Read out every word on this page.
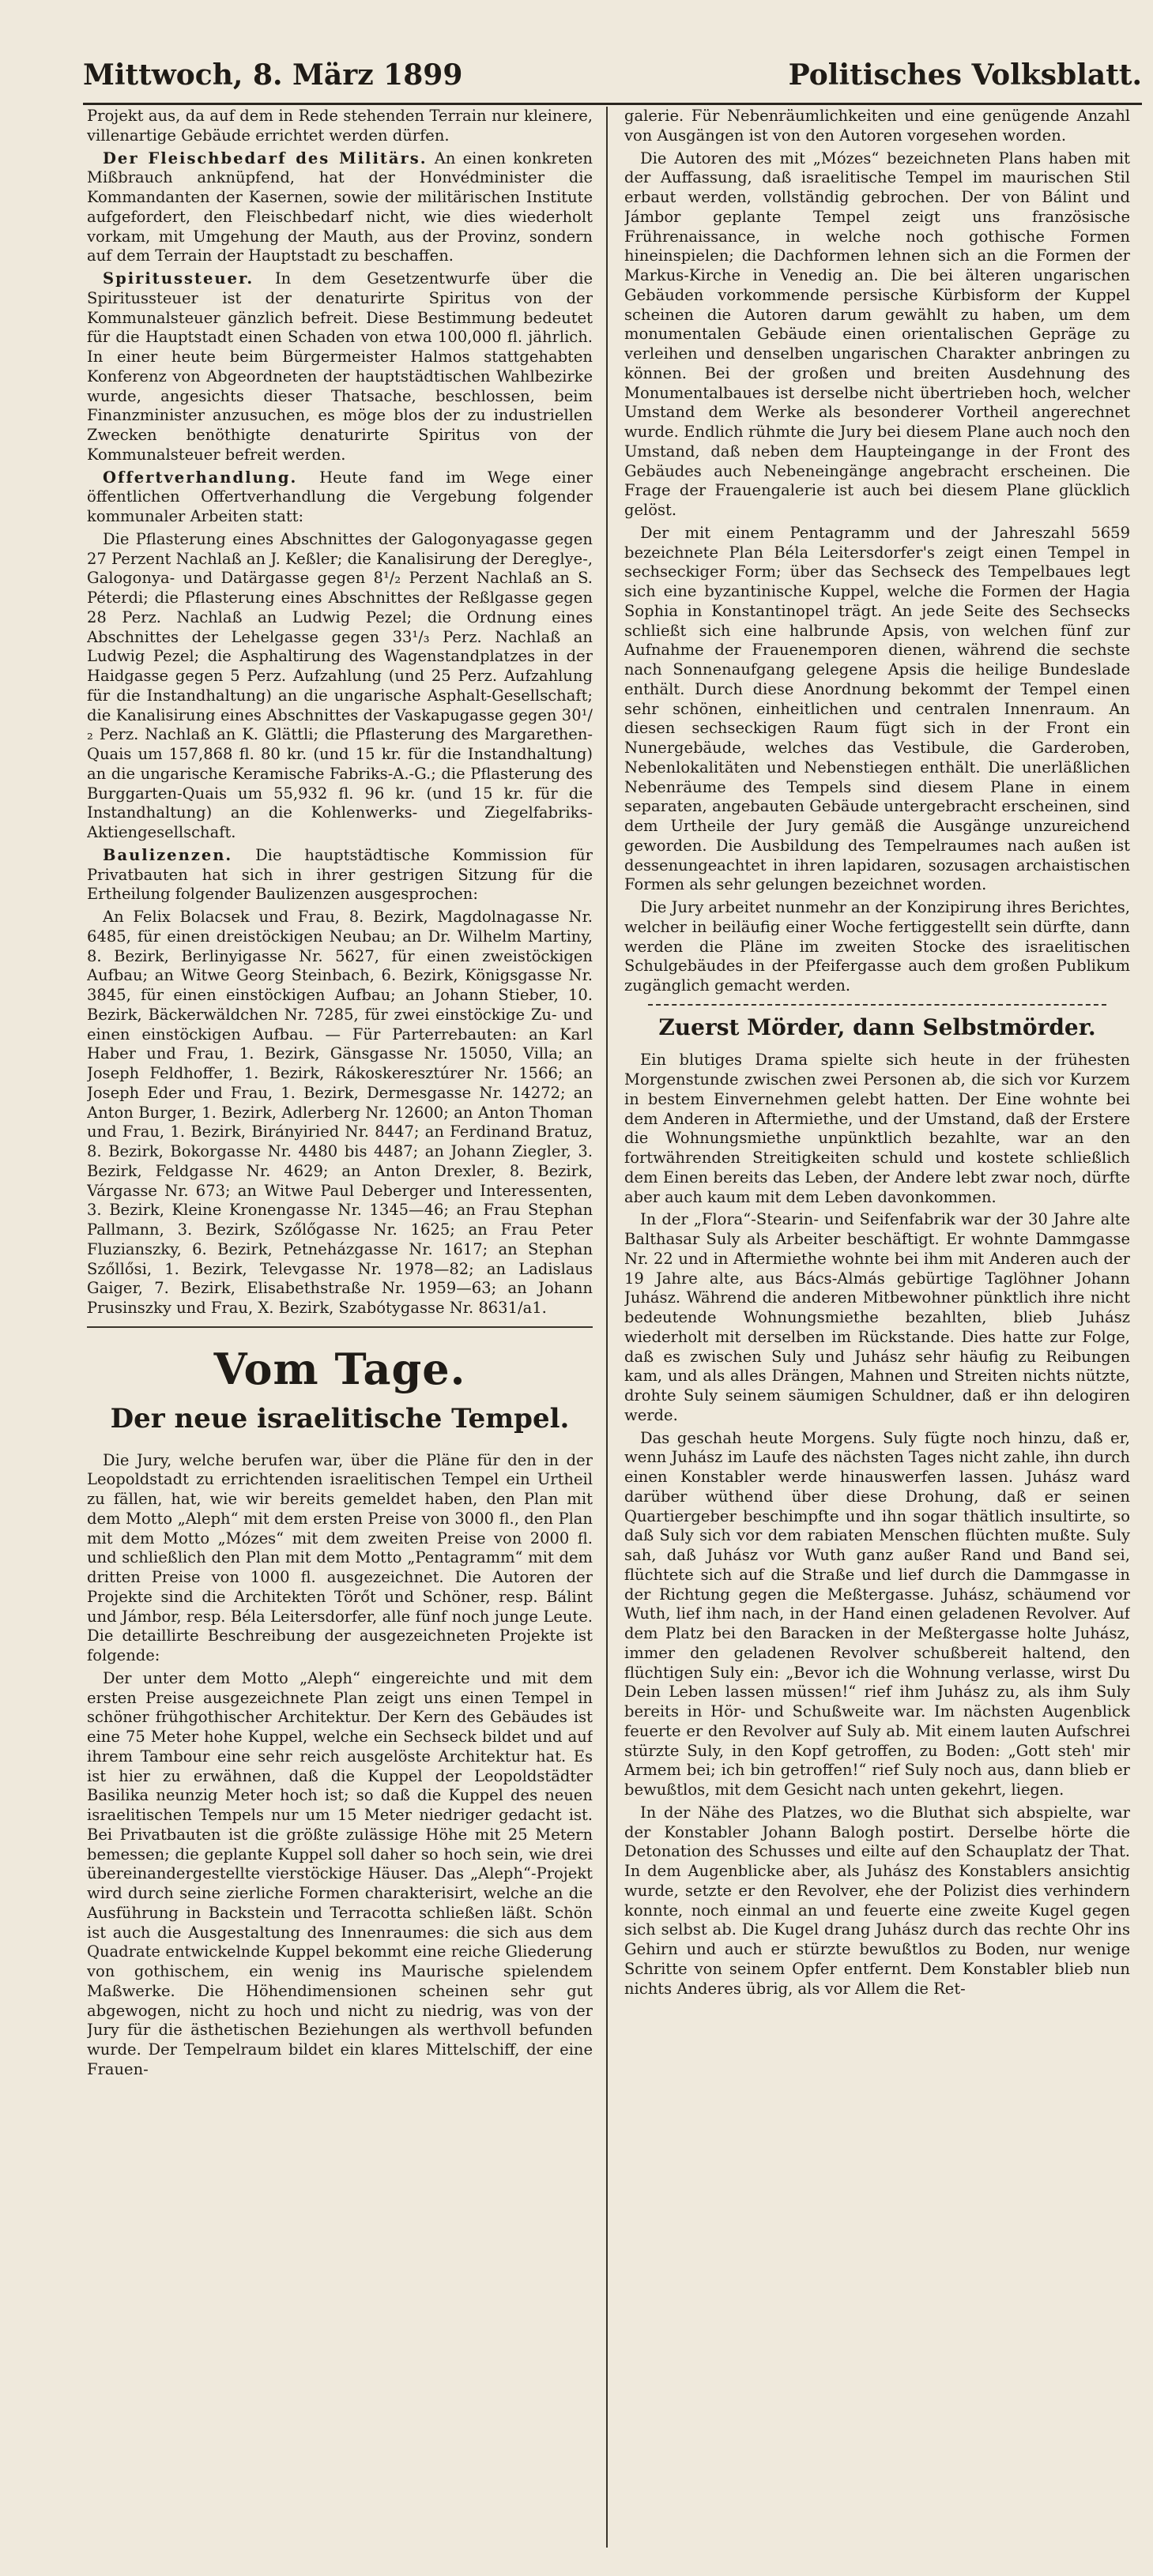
Mittwoch, 8. März 1899	Politisches Volksblatt.

Projekt aus, da auf dem in Rede stehenden Terrain nur kleinere, villenartige Gebäude errichtet werden dürfen.

Der Fleischbedarf des Militärs. An einen konkreten Mißbrauch anknüpfend, hat der Honvédminister die Kommandanten der Kasernen, sowie der militärischen Institute aufgefordert, den Fleischbedarf nicht, wie dies wiederholt vorkam, mit Umgehung der Mauth, aus der Provinz, sondern auf dem Terrain der Hauptstadt zu beschaffen.

Spiritussteuer. In dem Gesetzentwurfe über die Spiritussteuer ist der denaturirte Spiritus von der Kommunalsteuer gänzlich befreit. Diese Bestimmung bedeutet für die Hauptstadt einen Schaden von etwa 100,000 fl. jährlich. In einer heute beim Bürgermeister Halmos stattgehabten Konferenz von Abgeordneten der hauptstädtischen Wahlbezirke wurde, angesichts dieser Thatsache, beschlossen, beim Finanzminister anzusuchen, es möge blos der zu industriellen Zwecken benöthigte denaturirte Spiritus von der Kommunalsteuer befreit werden.

Offertverhandlung. Heute fand im Wege einer öffentlichen Offertverhandlung die Vergebung folgender kommunaler Arbeiten statt:

Die Pflasterung eines Abschnittes der Galogonyagasse gegen 27 Perzent Nachlaß an J. Keßler; die Kanalisirung der Dereglye-, Galogonya- und Datärgasse gegen 8¹/₂ Perzent Nachlaß an S. Péterdi; die Pflasterung eines Abschnittes der Reßlgasse gegen 28 Perz. Nachlaß an Ludwig Pezel; die Ordnung eines Abschnittes der Lehelgasse gegen 33¹/₃ Perz. Nachlaß an Ludwig Pezel; die Asphaltirung des Wagenstandplatzes in der Haidgasse gegen 5 Perz. Aufzahlung (und 25 Perz. Aufzahlung für die Instandhaltung) an die ungarische Asphalt-Gesellschaft; die Kanalisirung eines Abschnittes der Vaskapugasse gegen 30¹/₂ Perz. Nachlaß an K. Glättli; die Pflasterung des Margarethen-Quais um 157,868 fl. 80 kr. (und 15 kr. für die Instandhaltung) an die ungarische Keramische Fabriks-A.-G.; die Pflasterung des Burggarten-Quais um 55,932 fl. 96 kr. (und 15 kr. für die Instandhaltung) an die Kohlenwerks- und Ziegelfabriks-Aktiengesellschaft.

Baulizenzen. Die hauptstädtische Kommission für Privatbauten hat sich in ihrer gestrigen Sitzung für die Ertheilung folgender Baulizenzen ausgesprochen:

An Felix Bolacsek und Frau, 8. Bezirk, Magdolnagasse Nr. 6485, für einen dreistöckigen Neubau; an Dr. Wilhelm Martiny, 8. Bezirk, Berlinyigasse Nr. 5627, für einen zweistöckigen Aufbau; an Witwe Georg Steinbach, 6. Bezirk, Königsgasse Nr. 3845, für einen einstöckigen Aufbau; an Johann Stieber, 10. Bezirk, Bäckerwäldchen Nr. 7285, für zwei einstöckige Zu- und einen einstöckigen Aufbau. — Für Parterrebauten: an Karl Haber und Frau, 1. Bezirk, Gänsgasse Nr. 15050, Villa; an Joseph Feldhoffer, 1. Bezirk, Rákoskeresztúrer Nr. 1566; an Joseph Eder und Frau, 1. Bezirk, Dermesgasse Nr. 14272; an Anton Burger, 1. Bezirk, Adlerberg Nr. 12600; an Anton Thoman und Frau, 1. Bezirk, Birányiried Nr. 8447; an Ferdinand Bratuz, 8. Bezirk, Bokorgasse Nr. 4480 bis 4487; an Johann Ziegler, 3. Bezirk, Feldgasse Nr. 4629; an Anton Drexler, 8. Bezirk, Várgasse Nr. 673; an Witwe Paul Deberger und Interessenten, 3. Bezirk, Kleine Kronengasse Nr. 1345—46; an Frau Stephan Pallmann, 3. Bezirk, Szőlőgasse Nr. 1625; an Frau Peter Fluzianszky, 6. Bezirk, Petneházgasse Nr. 1617; an Stephan Szőllősi, 1. Bezirk, Televgasse Nr. 1978—82; an Ladislaus Gaiger, 7. Bezirk, Elisabethstraße Nr. 1959—63; an Johann Prusinszky und Frau, X. Bezirk, Szabótygasse Nr. 8631/a1.

Vom Tage.
Der neue israelitische Tempel.

Die Jury, welche berufen war, über die Pläne für den in der Leopoldstadt zu errichtenden israelitischen Tempel ein Urtheil zu fällen, hat, wie wir bereits gemeldet haben, den Plan mit dem Motto „Aleph“ mit dem ersten Preise von 3000 fl., den Plan mit dem Motto „Mózes“ mit dem zweiten Preise von 2000 fl. und schließlich den Plan mit dem Motto „Pentagramm“ mit dem dritten Preise von 1000 fl. ausgezeichnet. Die Autoren der Projekte sind die Architekten Törőt und Schöner, resp. Bálint und Jámbor, resp. Béla Leitersdorfer, alle fünf noch junge Leute. Die detaillirte Beschreibung der ausgezeichneten Projekte ist folgende:

Der unter dem Motto „Aleph“ eingereichte und mit dem ersten Preise ausgezeichnete Plan zeigt uns einen Tempel in schöner frühgothischer Architektur. Der Kern des Gebäudes ist eine 75 Meter hohe Kuppel, welche ein Sechseck bildet und auf ihrem Tambour eine sehr reich ausgelöste Architektur hat. Es ist hier zu erwähnen, daß die Kuppel der Leopoldstädter Basilika neunzig Meter hoch ist; so daß die Kuppel des neuen israelitischen Tempels nur um 15 Meter niedriger gedacht ist. Bei Privatbauten ist die größte zulässige Höhe mit 25 Metern bemessen; die geplante Kuppel soll daher so hoch sein, wie drei übereinandergestellte vierstöckige Häuser. Das „Aleph“-Projekt wird durch seine zierliche Formen charakterisirt, welche an die Ausführung in Backstein und Terracotta schließen läßt. Schön ist auch die Ausgestaltung des Innenraumes: die sich aus dem Quadrate entwickelnde Kuppel bekommt eine reiche Gliederung von gothischem, ein wenig ins Maurische spielendem Maßwerke. Die Höhendimensionen scheinen sehr gut abgewogen, nicht zu hoch und nicht zu niedrig, was von der Jury für die ästhetischen Beziehungen als werthvoll befunden wurde. Der Tempelraum bildet ein klares Mittelschiff, der eine Frauen-

galerie. Für Nebenräumlichkeiten und eine genügende Anzahl von Ausgängen ist von den Autoren vorgesehen worden.

Die Autoren des mit „Mózes“ bezeichneten Plans haben mit der Auffassung, daß israelitische Tempel im maurischen Stil erbaut werden, vollständig gebrochen. Der von Bálint und Jámbor geplante Tempel zeigt uns französische Frührenaissance, in welche noch gothische Formen hineinspielen; die Dachformen lehnen sich an die Formen der Markus-Kirche in Venedig an. Die bei älteren ungarischen Gebäuden vorkommende persische Kürbisform der Kuppel scheinen die Autoren darum gewählt zu haben, um dem monumentalen Gebäude einen orientalischen Gepräge zu verleihen und denselben ungarischen Charakter anbringen zu können. Bei der großen und breiten Ausdehnung des Monumentalbaues ist derselbe nicht übertrieben hoch, welcher Umstand dem Werke als besonderer Vortheil angerechnet wurde. Endlich rühmte die Jury bei diesem Plane auch noch den Umstand, daß neben dem Haupteingange in der Front des Gebäudes auch Nebeneingänge angebracht erscheinen. Die Frage der Frauengalerie ist auch bei diesem Plane glücklich gelöst.

Der mit einem Pentagramm und der Jahreszahl 5659 bezeichnete Plan Béla Leitersdorfer's zeigt einen Tempel in sechseckiger Form; über das Sechseck des Tempelbaues legt sich eine byzantinische Kuppel, welche die Formen der Hagia Sophia in Konstantinopel trägt. An jede Seite des Sechsecks schließt sich eine halbrunde Apsis, von welchen fünf zur Aufnahme der Frauenemporen dienen, während die sechste nach Sonnenaufgang gelegene Apsis die heilige Bundeslade enthält. Durch diese Anordnung bekommt der Tempel einen sehr schönen, einheitlichen und centralen Innenraum. An diesen sechseckigen Raum fügt sich in der Front ein Nunergebäude, welches das Vestibule, die Garderoben, Nebenlokalitäten und Nebenstiegen enthält. Die unerläßlichen Nebenräume des Tempels sind diesem Plane in einem separaten, angebauten Gebäude untergebracht erscheinen, sind dem Urtheile der Jury gemäß die Ausgänge unzureichend geworden. Die Ausbildung des Tempelraumes nach außen ist dessenungeachtet in ihren lapidaren, sozusagen archaistischen Formen als sehr gelungen bezeichnet worden.

Die Jury arbeitet nunmehr an der Konzipirung ihres Berichtes, welcher in beiläufig einer Woche fertiggestellt sein dürfte, dann werden die Pläne im zweiten Stocke des israelitischen Schulgebäudes in der Pfeifergasse auch dem großen Publikum zugänglich gemacht werden.

Zuerst Mörder, dann Selbstmörder.

Ein blutiges Drama spielte sich heute in der frühesten Morgenstunde zwischen zwei Personen ab, die sich vor Kurzem in bestem Einvernehmen gelebt hatten. Der Eine wohnte bei dem Anderen in Aftermiethe, und der Umstand, daß der Erstere die Wohnungsmiethe unpünktlich bezahlte, war an den fortwährenden Streitigkeiten schuld und kostete schließlich dem Einen bereits das Leben, der Andere lebt zwar noch, dürfte aber auch kaum mit dem Leben davonkommen.

In der „Flora“-Stearin- und Seifenfabrik war der 30 Jahre alte Balthasar Suly als Arbeiter beschäftigt. Er wohnte Dammgasse Nr. 22 und in Aftermiethe wohnte bei ihm mit Anderen auch der 19 Jahre alte, aus Bács-Almás gebürtige Taglöhner Johann Juhász. Während die anderen Mitbewohner pünktlich ihre nicht bedeutende Wohnungsmiethe bezahlten, blieb Juhász wiederholt mit derselben im Rückstande. Dies hatte zur Folge, daß es zwischen Suly und Juhász sehr häufig zu Reibungen kam, und als alles Drängen, Mahnen und Streiten nichts nützte, drohte Suly seinem säumigen Schuldner, daß er ihn delogiren werde.

Das geschah heute Morgens. Suly fügte noch hinzu, daß er, wenn Juhász im Laufe des nächsten Tages nicht zahle, ihn durch einen Konstabler werde hinauswerfen lassen. Juhász ward darüber wüthend über diese Drohung, daß er seinen Quartiergeber beschimpfte und ihn sogar thätlich insultirte, so daß Suly sich vor dem rabiaten Menschen flüchten mußte. Suly sah, daß Juhász vor Wuth ganz außer Rand und Band sei, flüchtete sich auf die Straße und lief durch die Dammgasse in der Richtung gegen die Meßtergasse. Juhász, schäumend vor Wuth, lief ihm nach, in der Hand einen geladenen Revolver. Auf dem Platz bei den Baracken in der Meßtergasse holte Juhász, immer den geladenen Revolver schußbereit haltend, den flüchtigen Suly ein: „Bevor ich die Wohnung verlasse, wirst Du Dein Leben lassen müssen!“ rief ihm Juhász zu, als ihm Suly bereits in Hör- und Schußweite war. Im nächsten Augenblick feuerte er den Revolver auf Suly ab. Mit einem lauten Aufschrei stürzte Suly, in den Kopf getroffen, zu Boden: „Gott steh' mir Armem bei; ich bin getroffen!“ rief Suly noch aus, dann blieb er bewußtlos, mit dem Gesicht nach unten gekehrt, liegen.

In der Nähe des Platzes, wo die Bluthat sich abspielte, war der Konstabler Johann Balogh postirt. Derselbe hörte die Detonation des Schusses und eilte auf den Schauplatz der That. In dem Augenblicke aber, als Juhász des Konstablers ansichtig wurde, setzte er den Revolver, ehe der Polizist dies verhindern konnte, noch einmal an und feuerte eine zweite Kugel gegen sich selbst ab. Die Kugel drang Juhász durch das rechte Ohr ins Gehirn und auch er stürzte bewußtlos zu Boden, nur wenige Schritte von seinem Opfer entfernt. Dem Konstabler blieb nun nichts Anderes übrig, als vor Allem die Ret-
